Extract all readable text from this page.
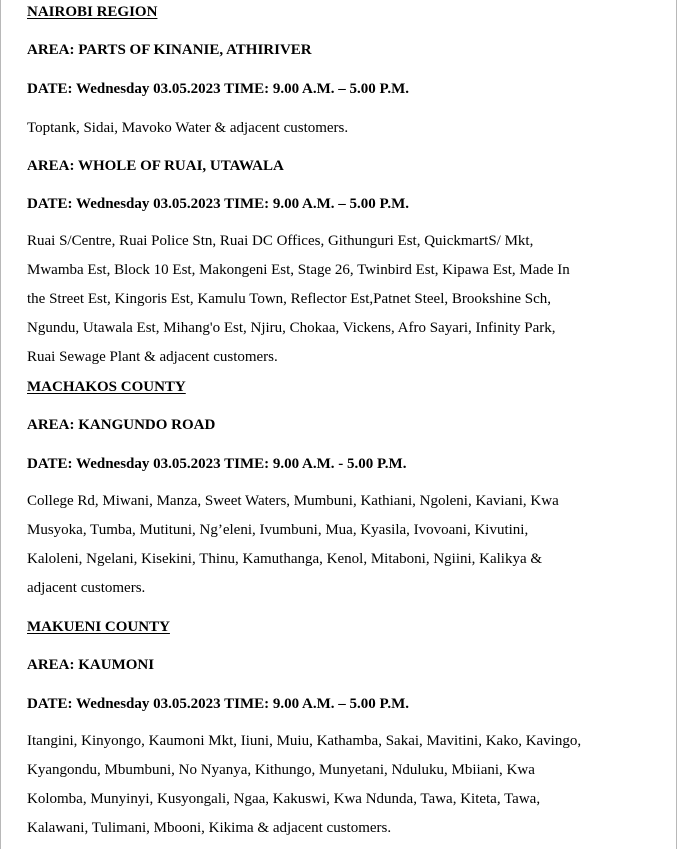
NAIROBI REGION
AREA: PARTS OF KINANIE, ATHIRIVER
DATE: Wednesday 03.05.2023 TIME: 9.00 A.M. – 5.00 P.M.
Toptank, Sidai, Mavoko Water & adjacent customers.
AREA: WHOLE OF RUAI, UTAWALA
DATE: Wednesday 03.05.2023 TIME: 9.00 A.M. – 5.00 P.M.
Ruai S/Centre, Ruai Police Stn, Ruai DC Offices, Githunguri Est, QuickmartS/ Mkt,
Mwamba Est, Block 10 Est, Makongeni Est, Stage 26, Twinbird Est, Kipawa Est, Made In
the Street Est, Kingoris Est, Kamulu Town, Reflector Est,Patnet Steel, Brookshine Sch,
Ngundu, Utawala Est, Mihang'o Est, Njiru, Chokaa, Vickens, Afro Sayari, Infinity Park,
Ruai Sewage Plant & adjacent customers.
MACHAKOS COUNTY
AREA: KANGUNDO ROAD
DATE: Wednesday 03.05.2023 TIME: 9.00 A.M. - 5.00 P.M.
College Rd, Miwani, Manza, Sweet Waters, Mumbuni, Kathiani, Ngoleni, Kaviani, Kwa
Musyoka, Tumba, Mutituni, Ng’eleni, Ivumbuni, Mua, Kyasila, Ivovoani, Kivutini,
Kaloleni, Ngelani, Kisekini, Thinu, Kamuthanga, Kenol, Mitaboni, Ngiini, Kalikya &
adjacent customers.
MAKUENI COUNTY
AREA: KAUMONI
DATE: Wednesday 03.05.2023 TIME: 9.00 A.M. – 5.00 P.M.
Itangini, Kinyongo, Kaumoni Mkt, Iiuni, Muiu, Kathamba, Sakai, Mavitini, Kako, Kavingo,
Kyangondu, Mbumbuni, No Nyanya, Kithungo, Munyetani, Nduluku, Mbiiani, Kwa
Kolomba, Munyinyi, Kusyongali, Ngaa, Kakuswi, Kwa Ndunda, Tawa, Kiteta, Tawa,
Kalawani, Tulimani, Mbooni, Kikima & adjacent customers.
